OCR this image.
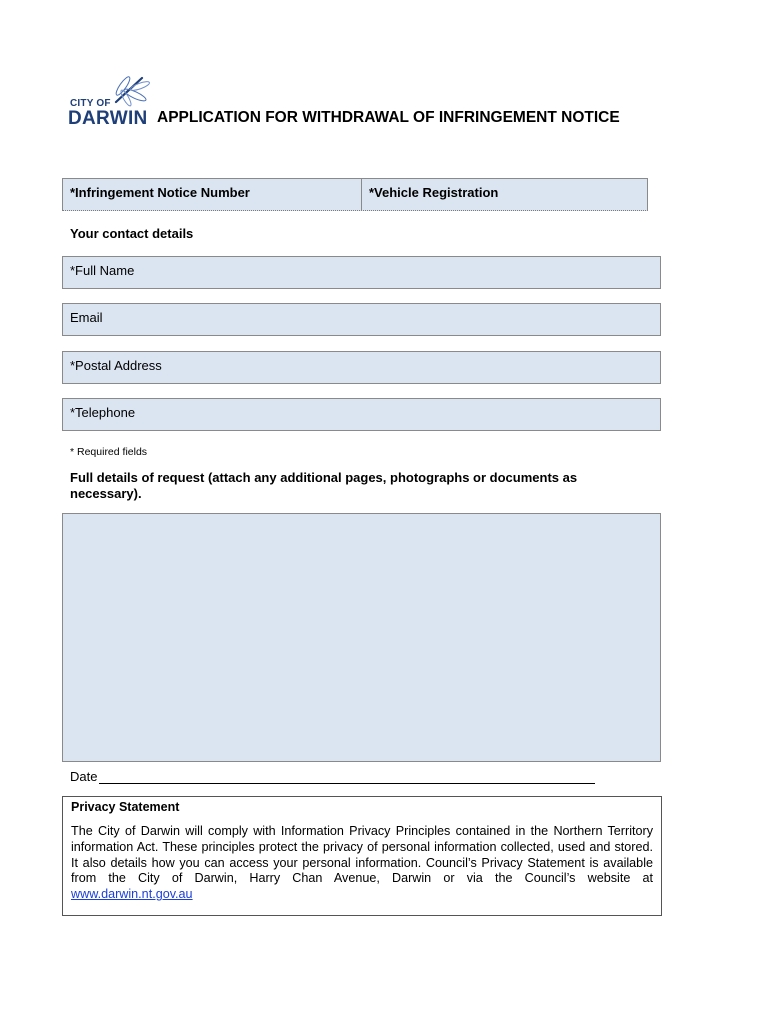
CITY OF
DARWIN APPLICATION FOR WITHDRAWAL OF INFRINGEMENT NOTICE
*Infringement Notice Number	*Vehicle Registration
Your contact details
*Full Name
Email
*Postal Address
*Telephone
* Required fields
Full details of request (attach any additional pages, photographs or documents as necessary).
Date
Privacy Statement
The City of Darwin will comply with Information Privacy Principles contained in the Northern Territory information Act. These principles protect the privacy of personal information collected, used and stored. It also details how you can access your personal information. Council’s Privacy Statement is available from the City of Darwin, Harry Chan Avenue, Darwin or via the Council’s website at www.darwin.nt.gov.au
